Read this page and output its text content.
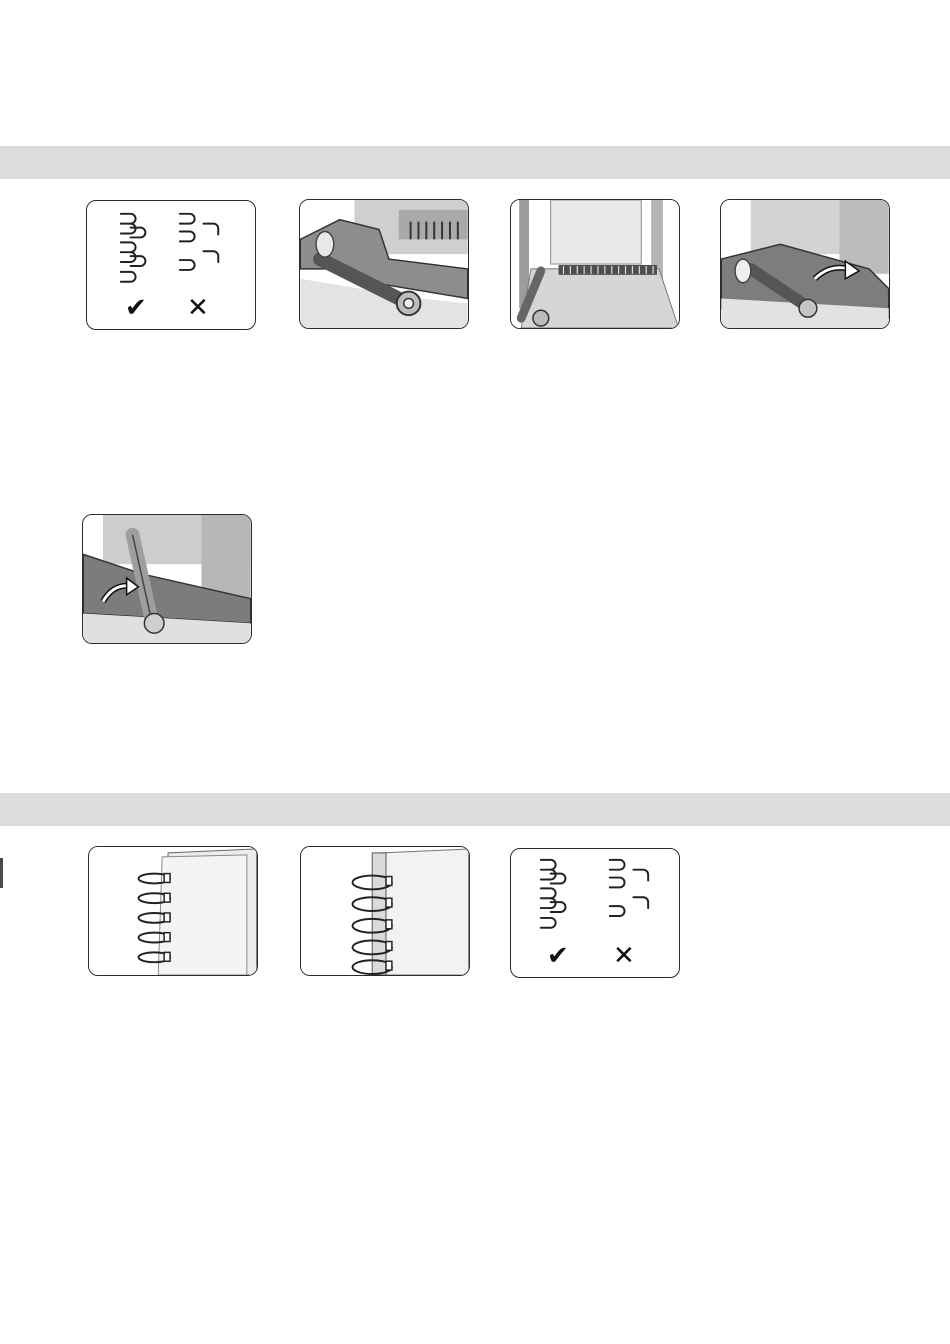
✔ ✕
✔ ✕
